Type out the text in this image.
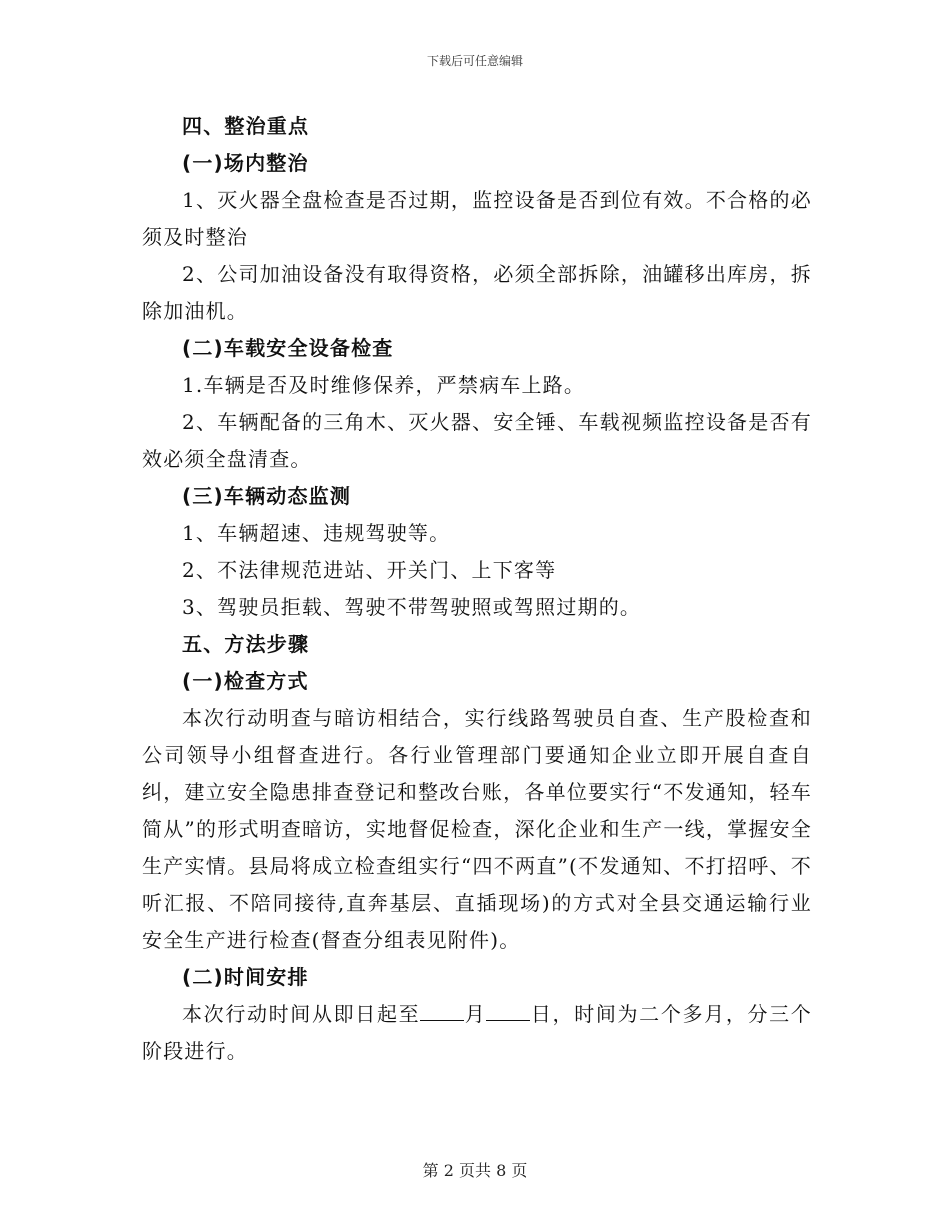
下载后可任意编辑

四、整治重点

(一)场内整治

1、灭火器全盘检查是否过期，监控设备是否到位有效。不合格的必须及时整治

2、公司加油设备没有取得资格，必须全部拆除，油罐移出库房，拆除加油机。

(二)车载安全设备检查

1.车辆是否及时维修保养，严禁病车上路。

2、车辆配备的三角木、灭火器、安全锤、车载视频监控设备是否有效必须全盘清查。

(三)车辆动态监测

1、车辆超速、违规驾驶等。

2、不法律规范进站、开关门、上下客等

3、驾驶员拒载、驾驶不带驾驶照或驾照过期的。

五、方法步骤

(一)检查方式

本次行动明查与暗访相结合，实行线路驾驶员自查、生产股检查和公司领导小组督查进行。各行业管理部门要通知企业立即开展自查自纠，建立安全隐患排查登记和整改台账，各单位要实行“不发通知，轻车简从”的形式明查暗访，实地督促检查，深化企业和生产一线，掌握安全生产实情。县局将成立检查组实行“四不两直”(不发通知、不打招呼、不听汇报、不陪同接待,直奔基层、直插现场)的方式对全县交通运输行业安全生产进行检查(督查分组表见附件)。

(二)时间安排

本次行动时间从即日起至 月 日，时间为二个多月，分三个阶段进行。

第 2 页共 8 页
